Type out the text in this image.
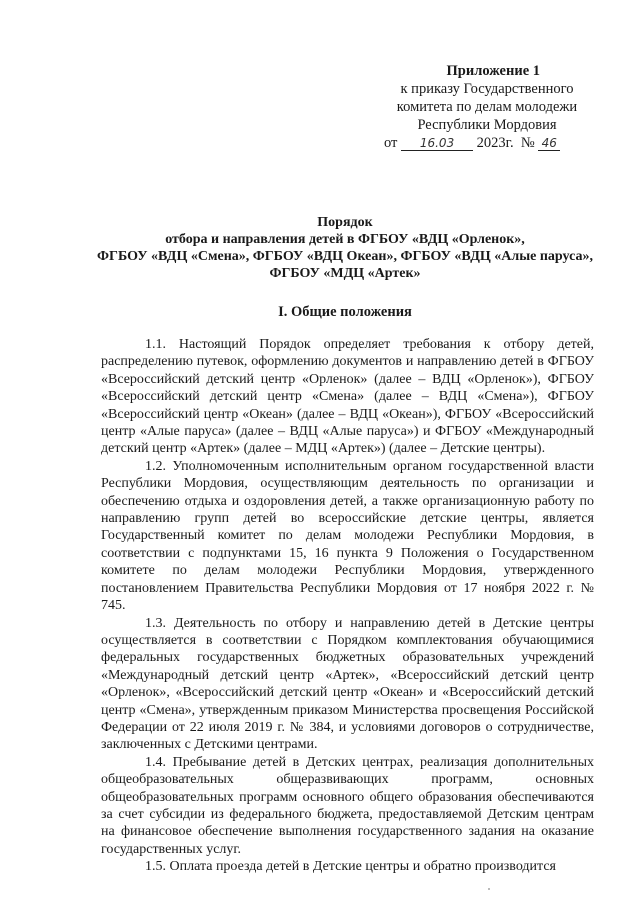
Приложение 1
к приказу Государственного
комитета по делам молодежи
Республики Мордовия
от 16.03 2023г. № 46
Порядок
отбора и направления детей в ФГБОУ «ВДЦ «Орленок»,
ФГБОУ «ВДЦ «Смена», ФГБОУ «ВДЦ Океан», ФГБОУ «ВДЦ «Алые паруса»,
ФГБОУ «МДЦ «Артек»
I. Общие положения

1.1. Настоящий Порядок определяет требования к отбору детей, распределению путевок, оформлению документов и направлению детей в ФГБОУ «Всероссийский детский центр «Орленок» (далее – ВДЦ «Орленок»), ФГБОУ «Всероссийский детский центр «Смена» (далее – ВДЦ «Смена»), ФГБОУ «Всероссийский центр «Океан» (далее – ВДЦ «Океан»), ФГБОУ «Всероссийский центр «Алые паруса» (далее – ВДЦ «Алые паруса») и ФГБОУ «Международный детский центр «Артек» (далее – МДЦ «Артек») (далее – Детские центры).

1.2. Уполномоченным исполнительным органом государственной власти Республики Мордовия, осуществляющим деятельность по организации и обеспечению отдыха и оздоровления детей, а также организационную работу по направлению групп детей во всероссийские детские центры, является Государственный комитет по делам молодежи Республики Мордовия, в соответствии с подпунктами 15, 16 пункта 9 Положения о Государственном комитете по делам молодежи Республики Мордовия, утвержденного постановлением Правительства Республики Мордовия от 17 ноября 2022 г. № 745.

1.3. Деятельность по отбору и направлению детей в Детские центры осуществляется в соответствии с Порядком комплектования обучающимися федеральных государственных бюджетных образовательных учреждений «Международный детский центр «Артек», «Всероссийский детский центр «Орленок», «Всероссийский детский центр «Океан» и «Всероссийский детский центр «Смена», утвержденным приказом Министерства просвещения Российской Федерации от 22 июля 2019 г. № 384, и условиями договоров о сотрудничестве, заключенных с Детскими центрами.

1.4. Пребывание детей в Детских центрах, реализация дополнительных общеобразовательных общеразвивающих программ, основных общеобразовательных программ основного общего образования обеспечиваются за счет субсидии из федерального бюджета, предоставляемой Детским центрам на финансовое обеспечение выполнения государственного задания на оказание государственных услуг.

1.5. Оплата проезда детей в Детские центры и обратно производится
